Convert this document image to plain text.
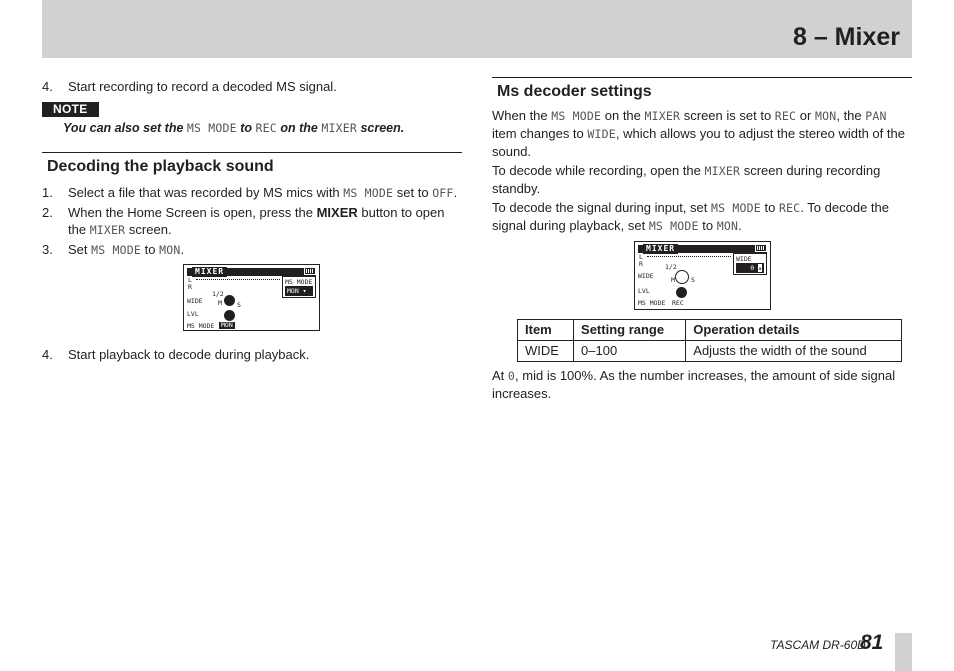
8 – Mixer
4.	Start recording to record a decoded MS signal.
NOTE
You can also set the MS MODE to REC on the MIXER screen.
Decoding the playback sound
1.	Select a file that was recorded by MS mics with MS MODE set to OFF.
2.	When the Home Screen is open, press the MIXER button to open the MIXER screen.
3.	Set MS MODE to MON.
MIXER
L
R
1/2
WIDE M S
LVL
MS MODE	MON
MS MODE
MON ▾
4.	Start playback to decode during playback.
Ms decoder settings
When the MS MODE on the MIXER screen is set to REC or MON, the PAN item changes to WIDE, which allows you to adjust the stereo width of the sound.
To decode while recording, open the MIXER screen during recording standby.
To decode the signal during input, set MS MODE to REC. To decode the signal during playback, set MS MODE to MON.
MIXER
L
R	1/2
WIDE	M S
LVL
MS MODE REC
WIDE
0 ▴
Item	Setting range	Operation details
WIDE	0–100	Adjusts the width of the sound
At 0, mid is 100%. As the number increases, the amount of side signal increases.
TASCAM DR-60D
81
